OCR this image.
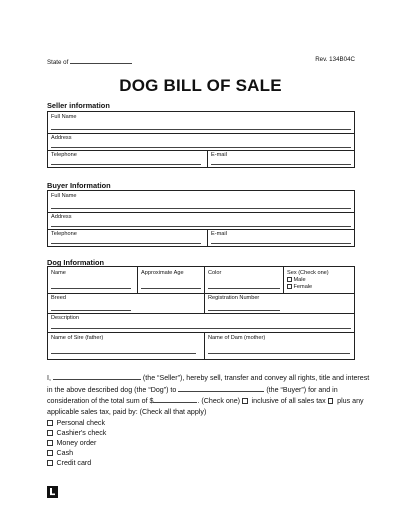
State of	Rev. 134B04C
DOG BILL OF SALE
Seller information
Full Name
Address
Telephone	E-mail
Buyer Information
Full Name
Address
Telephone	E-mail
Dog Information
Name	Approximate Age	Color	Sex (Check one)
Male
Female
Breed	Registration Number
Description
Name of Sire (father)	Name of Dam (mother)
I,	(the “Seller”), hereby sell, transfer and convey all rights, title and interest
in the above described dog (the “Dog”) to	(the “Buyer”) for and in
consideration of the total sum of $	. (Check one) inclusive of all sales tax plus any
applicable sales tax, paid by: (Check all that apply)
Personal check
Cashier's check
Money order
Cash
Credit card
